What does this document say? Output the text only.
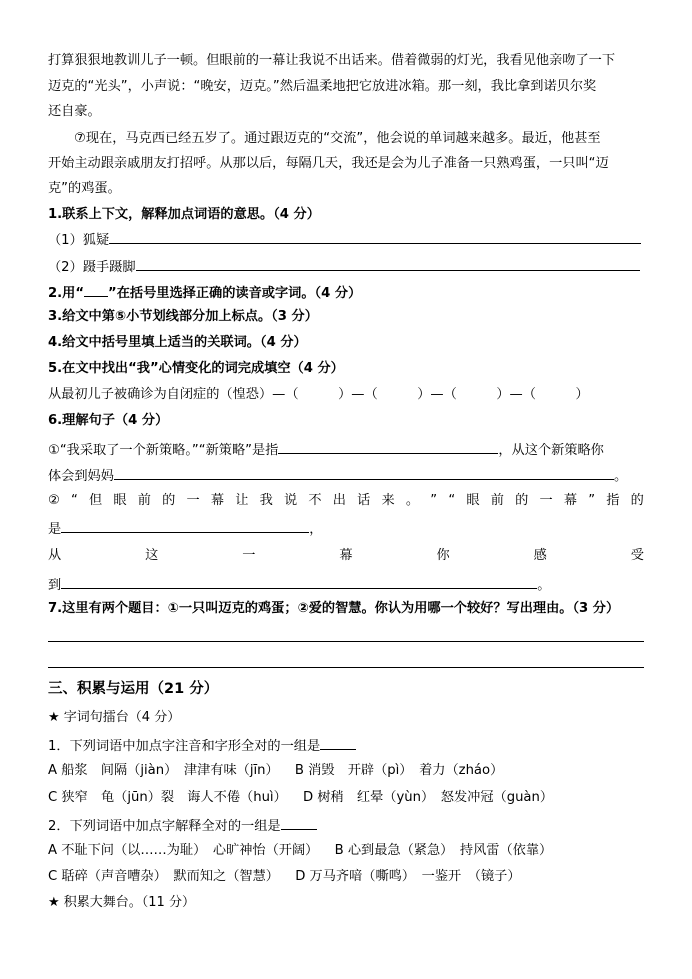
打算狠狠地教训儿子一顿。但眼前的一幕让我说不出话来。借着微弱的灯光，我看见他亲吻了一下
迈克的“光头”，小声说：“晚安，迈克。”然后温柔地把它放进冰箱。那一刻，我比拿到诺贝尔奖
还自豪。
⑦现在，马克西已经五岁了。通过跟迈克的“交流”，他会说的单词越来越多。最近，他甚至
开始主动跟亲戚朋友打招呼。从那以后，每隔几天，我还是会为儿子准备一只熟鸡蛋，一只叫“迈
克”的鸡蛋。
1.联系上下文，解释加点词语的意思。（4 分）
（1）狐疑
（2）蹑手蹑脚
2.用“ ”在括号里选择正确的读音或字词。（4 分）
3.给文中第⑤小节划线部分加上标点。（3 分）
4.给文中括号里填上适当的关联词。（4 分）
5.在文中找出“我”心情变化的词完成填空（4 分）
从最初儿子被确诊为自闭症的（惶恐）—（　　　）—（　　　）—（　　　）—（　　　）
6.理解句子（4 分）
①“我采取了一个新策略。”“新策略”是指	，从这个新策略你
体会到妈妈	。
② “ 但 眼 前 的 一 幕 让 我 说 不 出 话 来 。 ” “ 眼 前 的 一 幕 ” 指 的
是	，
从	这	一	幕	你	感	受
到	。
7.这里有两个题目：①一只叫迈克的鸡蛋；②爱的智慧。你认为用哪一个较好？写出理由。（3 分）
三、积累与运用（21 分）
★ 字词句擂台（4 分）
1．下列词语中加点字注音和字形全对的一组是
A 船浆　间隔（jiàn）　津津有味（jīn） B 消毁　开辟（pì）　着力（zháo）
C 狭窄　龟（jūn）裂　诲人不倦（huì） D 树稍　红晕（yùn）　怒发冲冠（guàn）
2．下列词语中加点字解释全对的一组是
A 不耻下问（以……为耻）　心旷神怡（开阔） B 心到最急（紧急）　持风雷（依靠）
C 聒碎（声音嘈杂）　默而知之（智慧） D 万马齐喑（嘶鸣）　一鉴开　（镜子）
★ 积累大舞台。（11 分）
